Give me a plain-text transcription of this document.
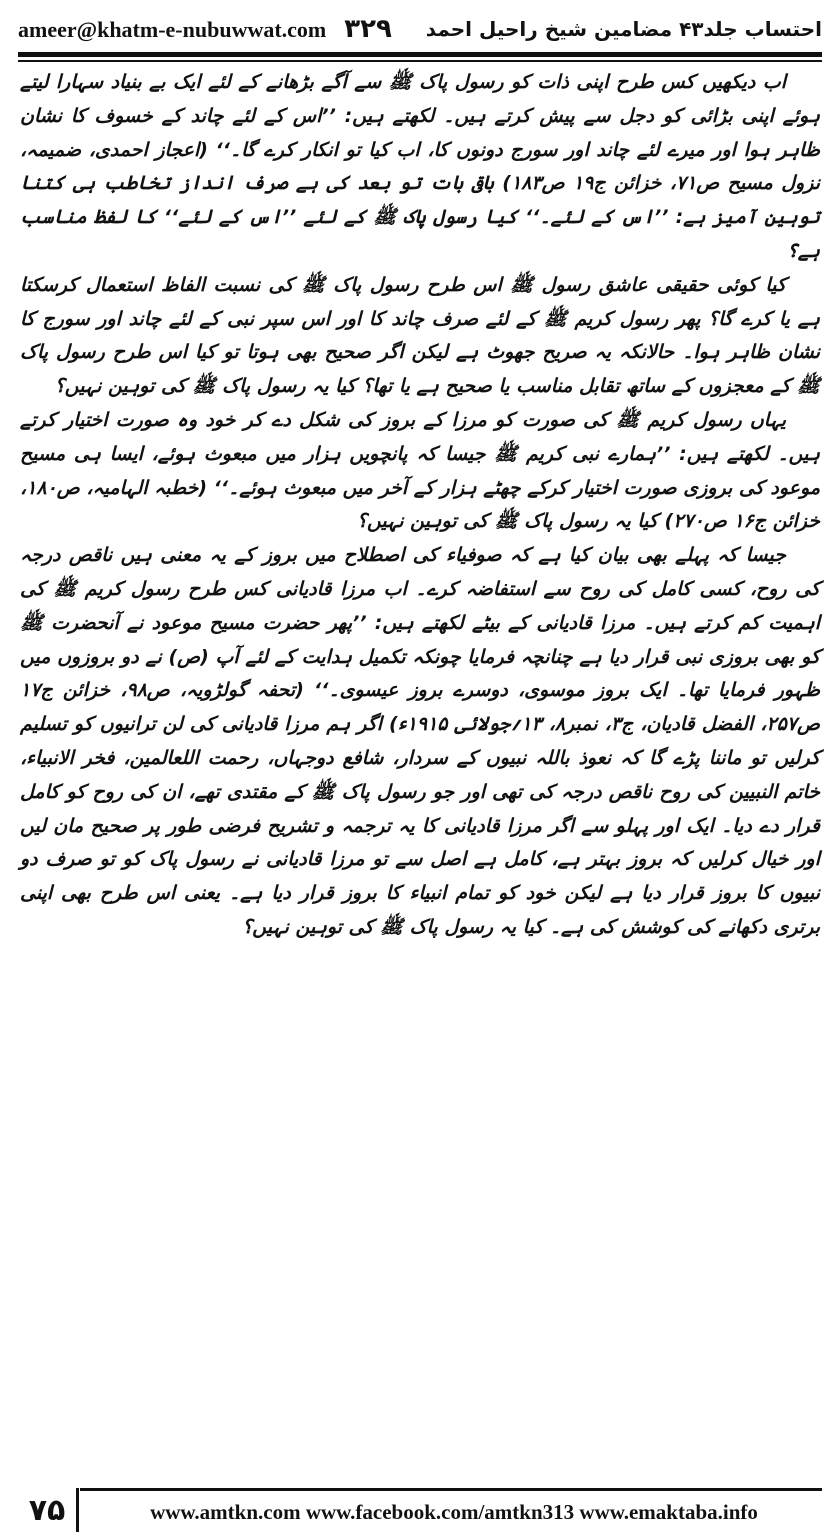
ameer@khatm-e-nubuwwat.com ۳۲۹ احتساب جلد۴۳ مضامین شیخ راحیل احمد

اب دیکھیں کس طرح اپنی ذات کو رسول پاک ﷺ سے آگے بڑھانے کے لئے ایک بے بنیاد سہارا لیتے ہوئے اپنی بڑائی کو دجل سے پیش کرتے ہیں۔ لکھتے ہیں: ’’اس کے لئے چاند کے خسوف کا نشان ظاہر ہوا اور میرے لئے چاند اور سورج دونوں کا، اب کیا تو انکار کرے گا۔‘‘ (اعجاز احمدی، ضمیمہ، نزول مسیح ص۷۱، خزائن ج۱۹ ص۱۸۳) باقی بات تو بعد کی ہے صرف انداز تخاطب ہی کتنا توہین آمیز ہے: ’’اس کے لئے۔‘‘ کیا رسول پاک ﷺ کے لئے ’’اس کے لئے‘‘ کا لفظ مناسب ہے؟

کیا کوئی حقیقی عاشق رسول ﷺ اس طرح رسول پاک ﷺ کی نسبت الفاظ استعمال کرسکتا ہے یا کرے گا؟ پھر رسول کریم ﷺ کے لئے صرف چاند کا اور اس سپر نبی کے لئے چاند اور سورج کا نشان ظاہر ہوا۔ حالانکہ یہ صریح جھوٹ ہے لیکن اگر صحیح بھی ہوتا تو کیا اس طرح رسول پاک ﷺ کے معجزوں کے ساتھ تقابل مناسب یا صحیح ہے یا تھا؟ کیا یہ رسول پاک ﷺ کی توہین نہیں؟

یہاں رسول کریم ﷺ کی صورت کو مرزا کے بروز کی شکل دے کر خود وہ صورت اختیار کرتے ہیں۔ لکھتے ہیں: ’’ہمارے نبی کریم ﷺ جیسا کہ پانچویں ہزار میں مبعوث ہوئے، ایسا ہی مسیح موعود کی بروزی صورت اختیار کرکے چھٹے ہزار کے آخر میں مبعوث ہوئے۔‘‘ (خطبہ الہامیہ، ص۱۸۰، خزائن ج۱۶ ص۲۷۰) کیا یہ رسول پاک ﷺ کی توہین نہیں؟

جیسا کہ پہلے بھی بیان کیا ہے کہ صوفیاء کی اصطلاح میں بروز کے یہ معنی ہیں ناقص درجہ کی روح، کسی کامل کی روح سے استفاضہ کرے۔ اب مرزا قادیانی کس طرح رسول کریم ﷺ کی اہمیت کم کرتے ہیں۔ مرزا قادیانی کے بیٹے لکھتے ہیں: ’’پھر حضرت مسیح موعود نے آنحضرت ﷺ کو بھی بروزی نبی قرار دیا ہے چنانچہ فرمایا چونکہ تکمیل ہدایت کے لئے آپ (ص) نے دو بروزوں میں ظہور فرمایا تھا۔ ایک بروز موسوی، دوسرے بروز عیسوی۔‘‘ (تحفہ گولڑویہ، ص۹۸، خزائن ج۱۷ ص۲۵۷، الفضل قادیان، ج۳، نمبر۸، ۱۳؍جولائی ۱۹۱۵ء) اگر ہم مرزا قادیانی کی لن ترانیوں کو تسلیم کرلیں تو ماننا پڑے گا کہ نعوذ باللہ نبیوں کے سردار، شافع دوجہاں، رحمت اللعالمین، فخر الانبیاء، خاتم النبیین کی روح ناقص درجہ کی تھی اور جو رسول پاک ﷺ کے مقتدی تھے، ان کی روح کو کامل قرار دے دیا۔ ایک اور پہلو سے اگر مرزا قادیانی کا یہ ترجمہ و تشریح فرضی طور پر صحیح مان لیں اور خیال کرلیں کہ بروز بہتر ہے، کامل ہے اصل سے تو مرزا قادیانی نے رسول پاک کو تو صرف دو نبیوں کا بروز قرار دیا ہے لیکن خود کو تمام انبیاء کا بروز قرار دیا ہے۔ یعنی اس طرح بھی اپنی برتری دکھانے کی کوشش کی ہے۔ کیا یہ رسول پاک ﷺ کی توہین نہیں؟

۷۵	www.amtkn.com www.facebook.com/amtkn313 www.emaktaba.info
